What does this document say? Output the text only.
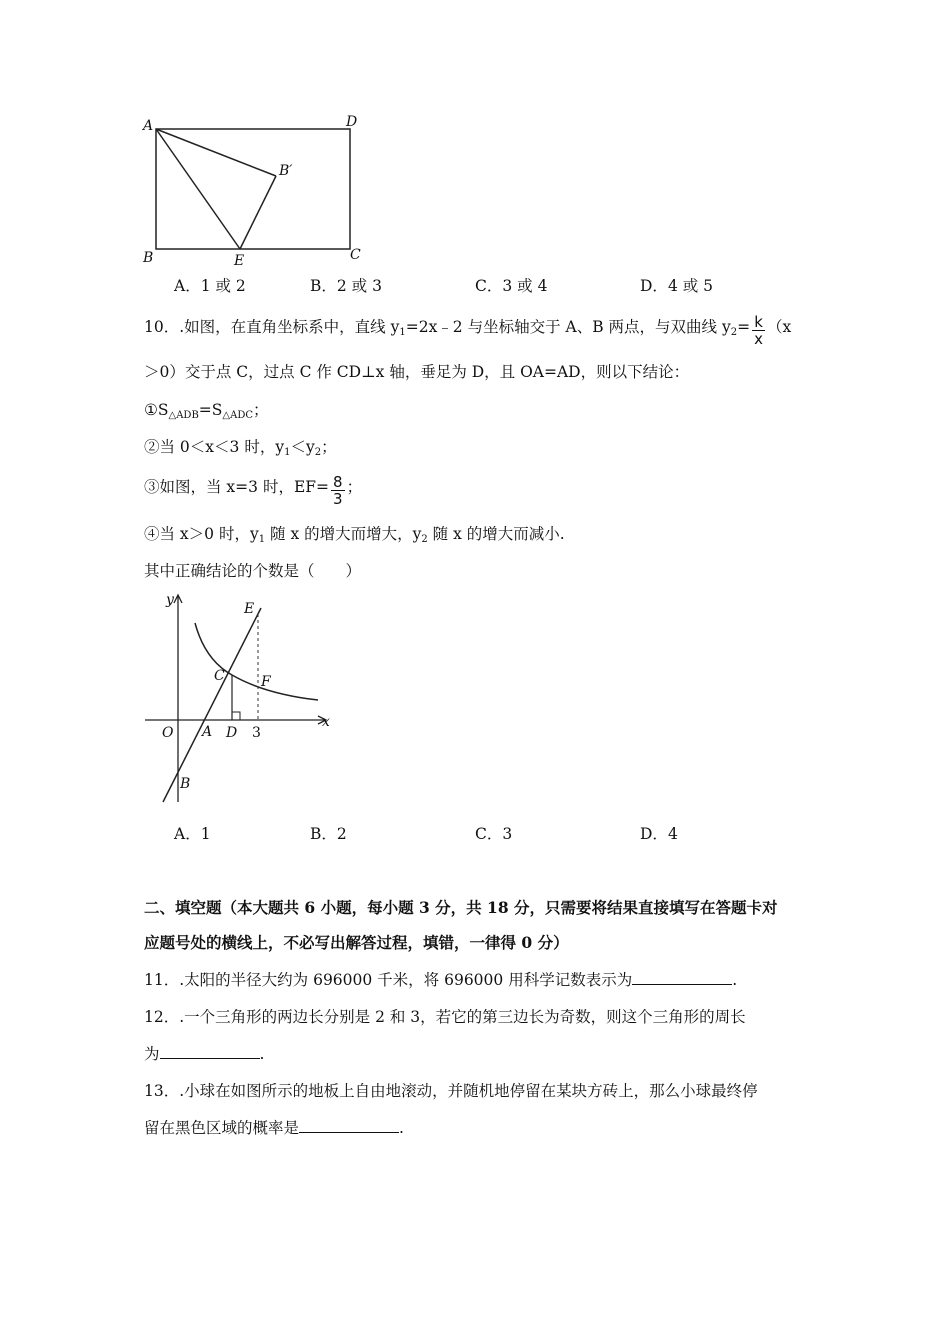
A	D
B	C
E
B′
A．1 或 2	B．2 或 3	C．3 或 4	D．4 或 5
10．.如图，在直角坐标系中，直线 $y_1=2x﹣2$ 与坐标轴交于 A、B 两点，与双曲线 $y_2= \frac{k}{x} (x$
＞0）交于点 C，过点 C 作 CD⊥x 轴，垂足为 D，且 OA=AD，则以下结论：
$①S_{\triangle ADB}=S_{\triangle ADC}$；
②当 0＜x＜3 时，$y_1<y_2$；
③如图，当 x=3 时，$EF= \frac{8}{3}$ ；
④当 x＞0 时，$y_1$ 随 x 的增大而增大，$y_2$ 随 x 的增大而减小.
其中正确结论的个数是（　　）
y
x
O A D 3
B
C
E
F
A．1	B．2	C．3	D．4
二、填空题（本大题共 6 小题，每小题 3 分，共 18 分，只需要将结果直接填写在答题卡对
应题号处的横线上，不必写出解答过程，填错，一律得 0 分）
11．.太阳的半径大约为 696000 千米，将 696000 用科学记数表示为	.
12．.一个三角形的两边长分别是 2 和 3，若它的第三边长为奇数，则这个三角形的周长
为	.
13．.小球在如图所示的地板上自由地滚动，并随机地停留在某块方砖上，那么小球最终停
留在黑色区域的概率是	.
